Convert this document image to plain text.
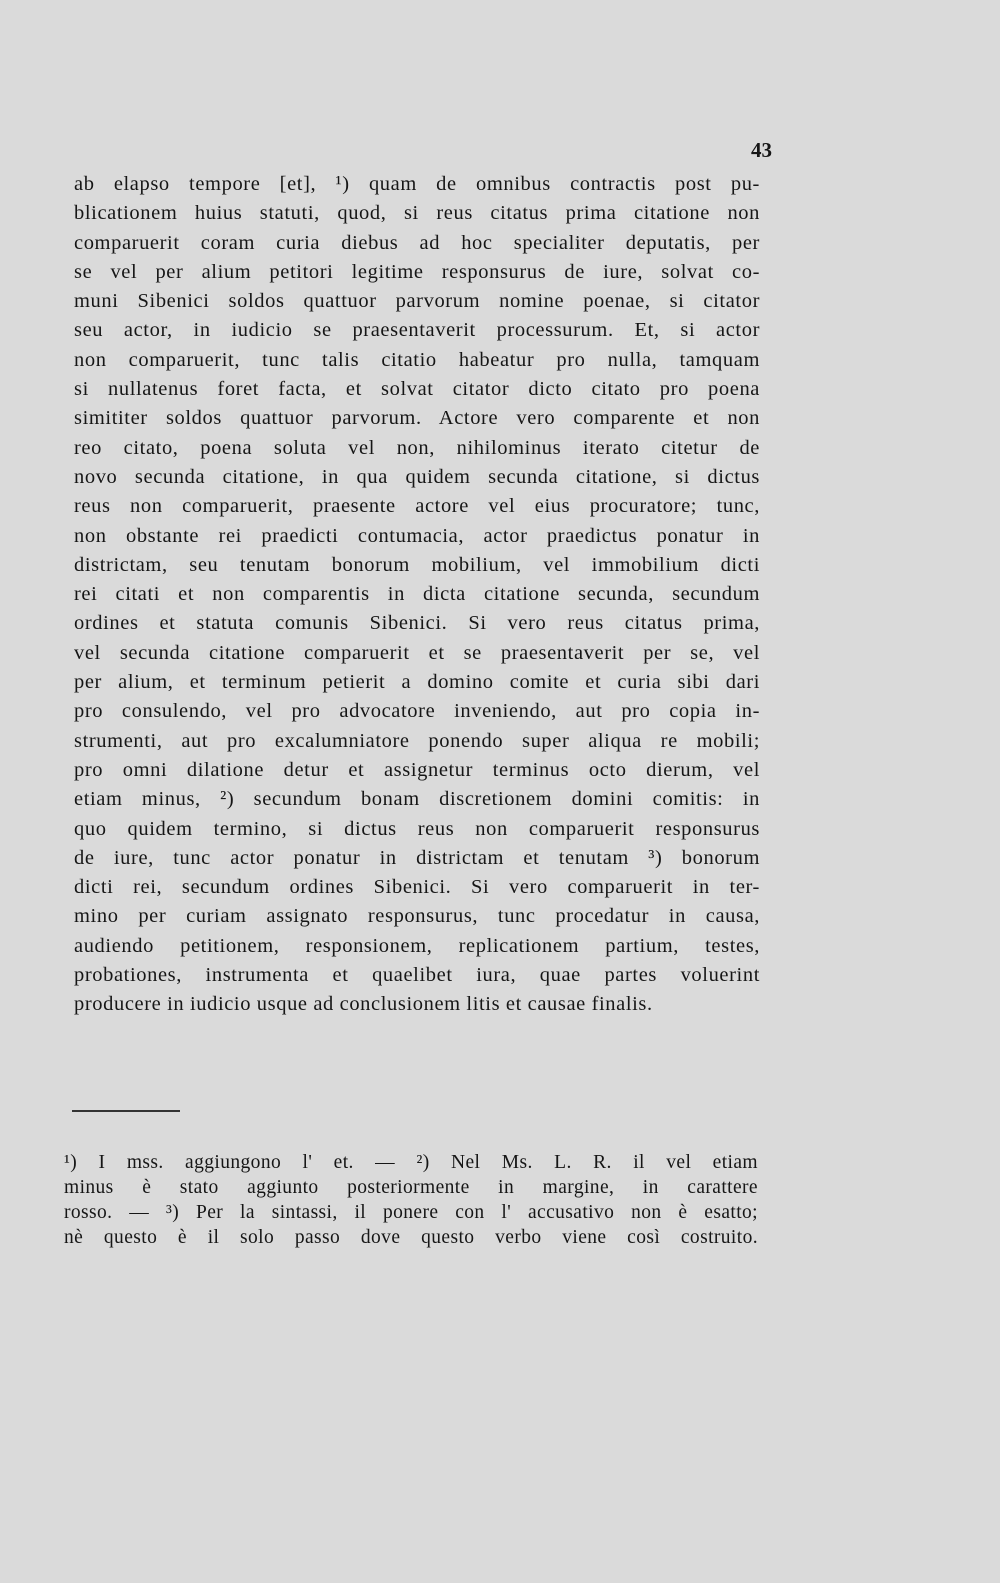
43
ab elapso tempore [et], ¹) quam de omnibus contractis post pu-
blicationem huius statuti, quod, si reus citatus prima citatione non
comparuerit coram curia diebus ad hoc specialiter deputatis, per
se vel per alium petitori legitime responsurus de iure, solvat co-
muni Sibenici soldos quattuor parvorum nomine poenae, si citator
seu actor, in iudicio se praesentaverit processurum. Et, si actor
non comparuerit, tunc talis citatio habeatur pro nulla, tamquam
si nullatenus foret facta, et solvat citator dicto citato pro poena
simititer soldos quattuor parvorum. Actore vero comparente et non
reo citato, poena soluta vel non, nihilominus iterato citetur de
novo secunda citatione, in qua quidem secunda citatione, si dictus
reus non comparuerit, praesente actore vel eius procuratore; tunc,
non obstante rei praedicti contumacia, actor praedictus ponatur in
districtam, seu tenutam bonorum mobilium, vel immobilium dicti
rei citati et non comparentis in dicta citatione secunda, secundum
ordines et statuta comunis Sibenici. Si vero reus citatus prima,
vel secunda citatione comparuerit et se praesentaverit per se, vel
per alium, et terminum petierit a domino comite et curia sibi dari
pro consulendo, vel pro advocatore inveniendo, aut pro copia in-
strumenti, aut pro excalumniatore ponendo super aliqua re mobili;
pro omni dilatione detur et assignetur terminus octo dierum, vel
etiam minus, ²) secundum bonam discretionem domini comitis: in
quo quidem termino, si dictus reus non comparuerit responsurus
de iure, tunc actor ponatur in districtam et tenutam ³) bonorum
dicti rei, secundum ordines Sibenici. Si vero comparuerit in ter-
mino per curiam assignato responsurus, tunc procedatur in causa,
audiendo petitionem, responsionem, replicationem partium, testes,
probationes, instrumenta et quaelibet iura, quae partes voluerint
producere in iudicio usque ad conclusionem litis et causae finalis.
¹) I mss. aggiungono l' et. — ²) Nel Ms. L. R. il vel etiam
minus è stato aggiunto posteriormente in margine, in carattere
rosso. — ³) Per la sintassi, il ponere con l' accusativo non è esatto;
nè questo è il solo passo dove questo verbo viene così costruito.
